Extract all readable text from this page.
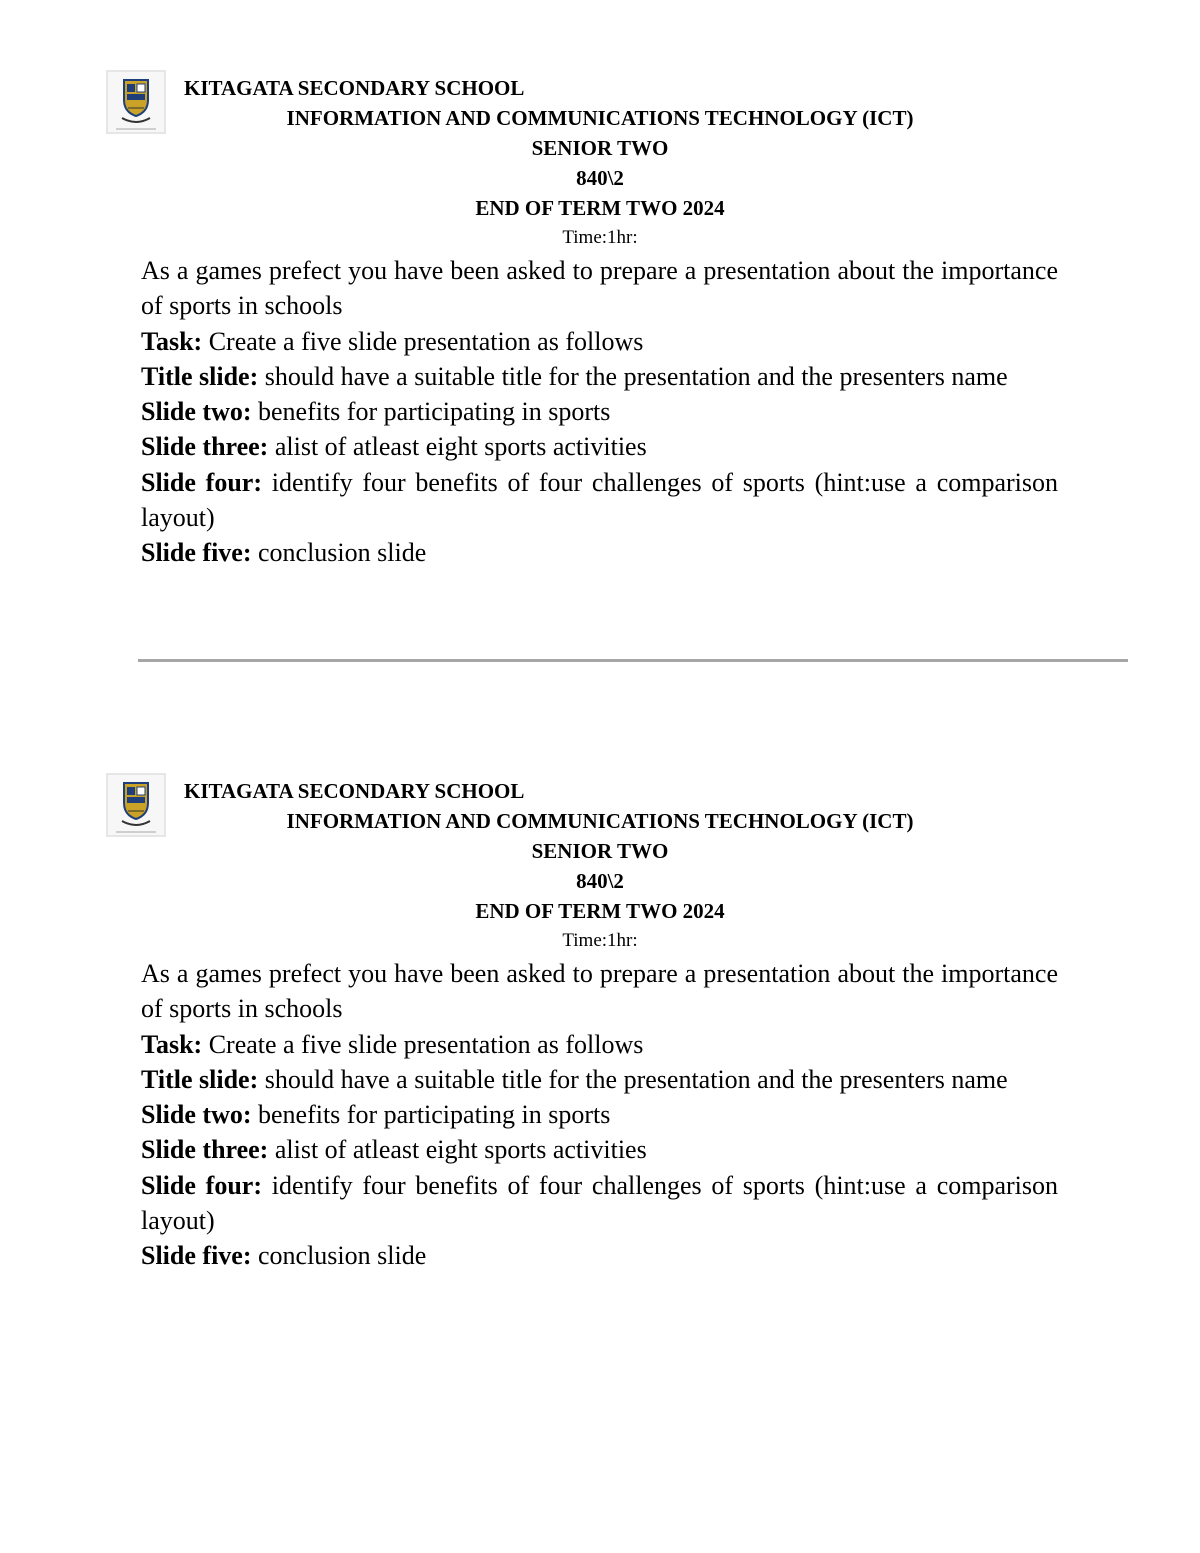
KITAGATA SECONDARY SCHOOL
INFORMATION AND COMMUNICATIONS TECHNOLOGY (ICT)
SENIOR TWO
840\2
END OF TERM TWO 2024
Time:1hr:

As a games prefect you have been asked to prepare a presentation about the importance of sports in schools

Task: Create a five slide presentation as follows

Title slide: should have a suitable title for the presentation and the presenters name

Slide two: benefits for participating in sports

Slide three: alist of atleast eight sports activities

Slide four: identify four benefits of four challenges of sports (hint:use a comparison layout)

Slide five: conclusion slide

KITAGATA SECONDARY SCHOOL
INFORMATION AND COMMUNICATIONS TECHNOLOGY (ICT)
SENIOR TWO
840\2
END OF TERM TWO 2024
Time:1hr:

As a games prefect you have been asked to prepare a presentation about the importance of sports in schools

Task: Create a five slide presentation as follows

Title slide: should have a suitable title for the presentation and the presenters name

Slide two: benefits for participating in sports

Slide three: alist of atleast eight sports activities

Slide four: identify four benefits of four challenges of sports (hint:use a comparison layout)

Slide five: conclusion slide
